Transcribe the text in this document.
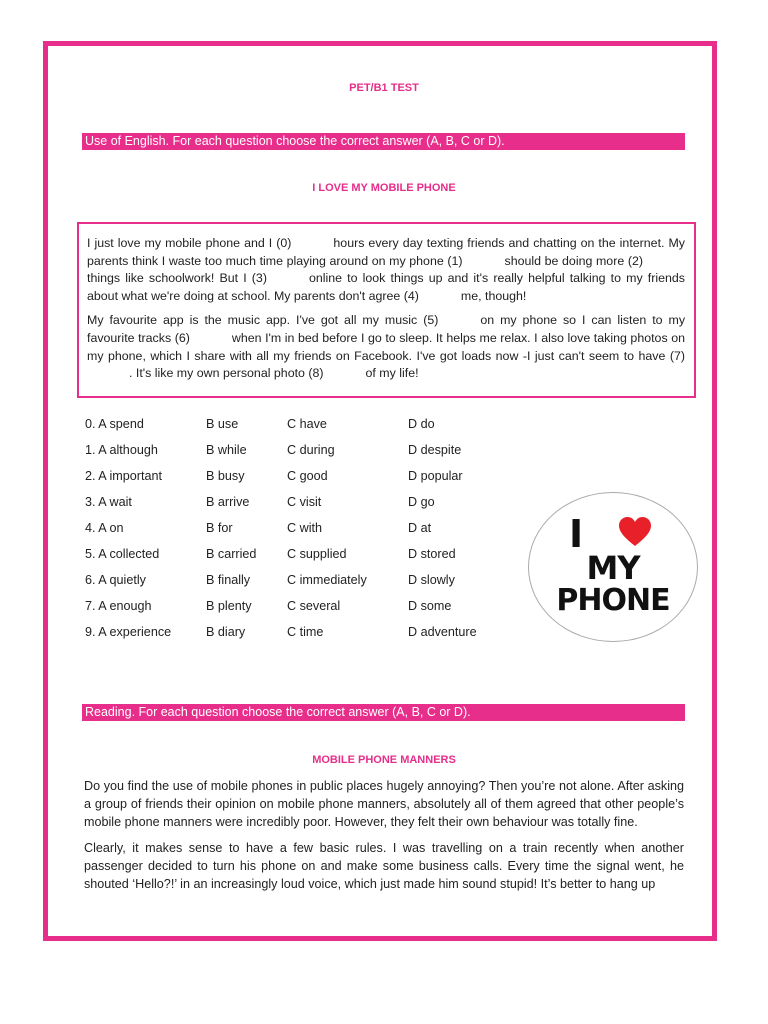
PET/B1 TEST
Use of English. For each question choose the correct answer (A, B, C or D).
I LOVE MY MOBILE PHONE

I just love my mobile phone and I (0)	hours every day texting friends and chatting on the internet. My parents think I waste too much time playing around on my phone (1)	should be doing more (2)things like schoolwork! But I (3)	online to look things up and it's really helpful talking to my friends about what we're doing at school. My parents don't agree (4)	me, though!

My favourite app is the music app. I've got all my music (5)	on my phone so I can listen to my favourite tracks (6)	when I'm in bed before I go to sleep. It helps me relax. I also love taking photos on my phone, which I share with all my friends on Facebook. I've got loads now -I just can't seem to have (7). It's like my own personal photo (8)	of my life!

0. A spend	B use	C have	D do
1. A although	B while	C during	D despite
2. A important	B busy	C good	D popular
3. A wait	B arrive	C visit	D go
4. A on	B for	C with	D at
5. A collected	B carried C supplied	D stored
6. A quietly	B finally	C immediately	D slowly
7. A enough	B plenty	C several	D some
9. A experience	B diary	C time	D adventure
I
MY
PHONE
Reading. For each question choose the correct answer (A, B, C or D).
MOBILE PHONE MANNERS

Do you find the use of mobile phones in public places hugely annoying? Then you’re not alone. After asking a group of friends their opinion on mobile phone manners, absolutely all of them agreed that other people’s mobile phone manners were incredibly poor. However, they felt their own behaviour was totally fine.

Clearly, it makes sense to have a few basic rules. I was travelling on a train recently when another passenger decided to turn his phone on and make some business calls. Every time the signal went, he shouted ‘Hello?!’ in an increasingly loud voice, which just made him sound stupid! It’s better to hang up
